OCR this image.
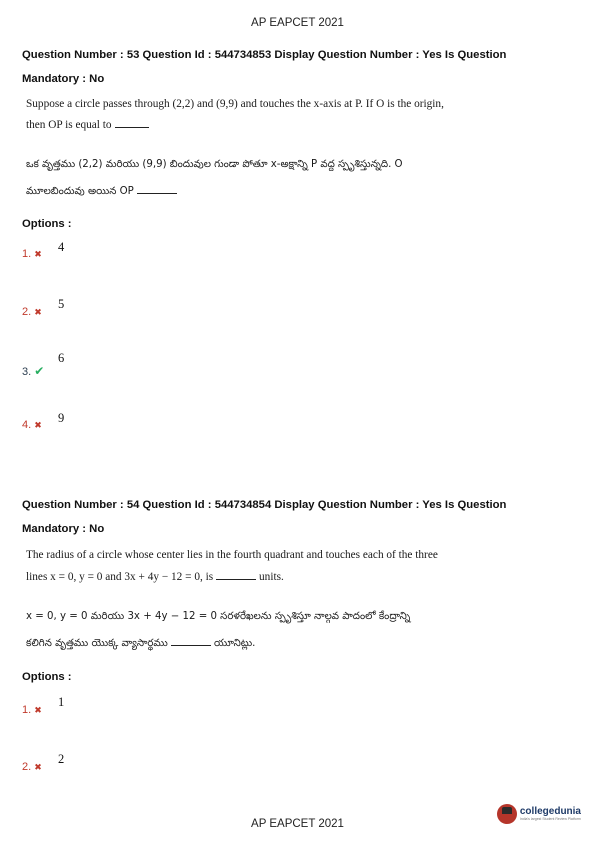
AP EAPCET 2021
Question Number : 53 Question Id : 544734853 Display Question Number : Yes Is Question
Mandatory : No
Suppose a circle passes through (2,2) and (9,9) and touches the x-axis at P. If O is the origin,
then OP is equal to
ఒక వృత్తము (2,2) మరియు (9,9) బిందువుల గుండా పోతూ x-అక్షాన్ని P వద్ద స్పృశిస్తున్నది. O
మూలబిందువు అయిన OP
Options :
1. ✖ 4
2. ✖
5
3. ✔
6
4. ✖ 9
Question Number : 54 Question Id : 544734854 Display Question Number : Yes Is Question
Mandatory : No
The radius of a circle whose center lies in the fourth quadrant and touches each of the three
lines x = 0, y = 0 and 3x + 4y − 12 = 0, is	units.
x = 0, y = 0 మరియు 3x + 4y − 12 = 0 సరళరేఖలను స్పృశిస్తూ నాల్గవ పాదంలో కేంద్రాన్ని
కలిగిన వృత్తము యొక్క వ్యాసార్థము	యూనిట్లు.
Options :
1. ✖
1
2. ✖
2
AP EAPCET 2021
collegedunia
India's largest Student Review Platform
